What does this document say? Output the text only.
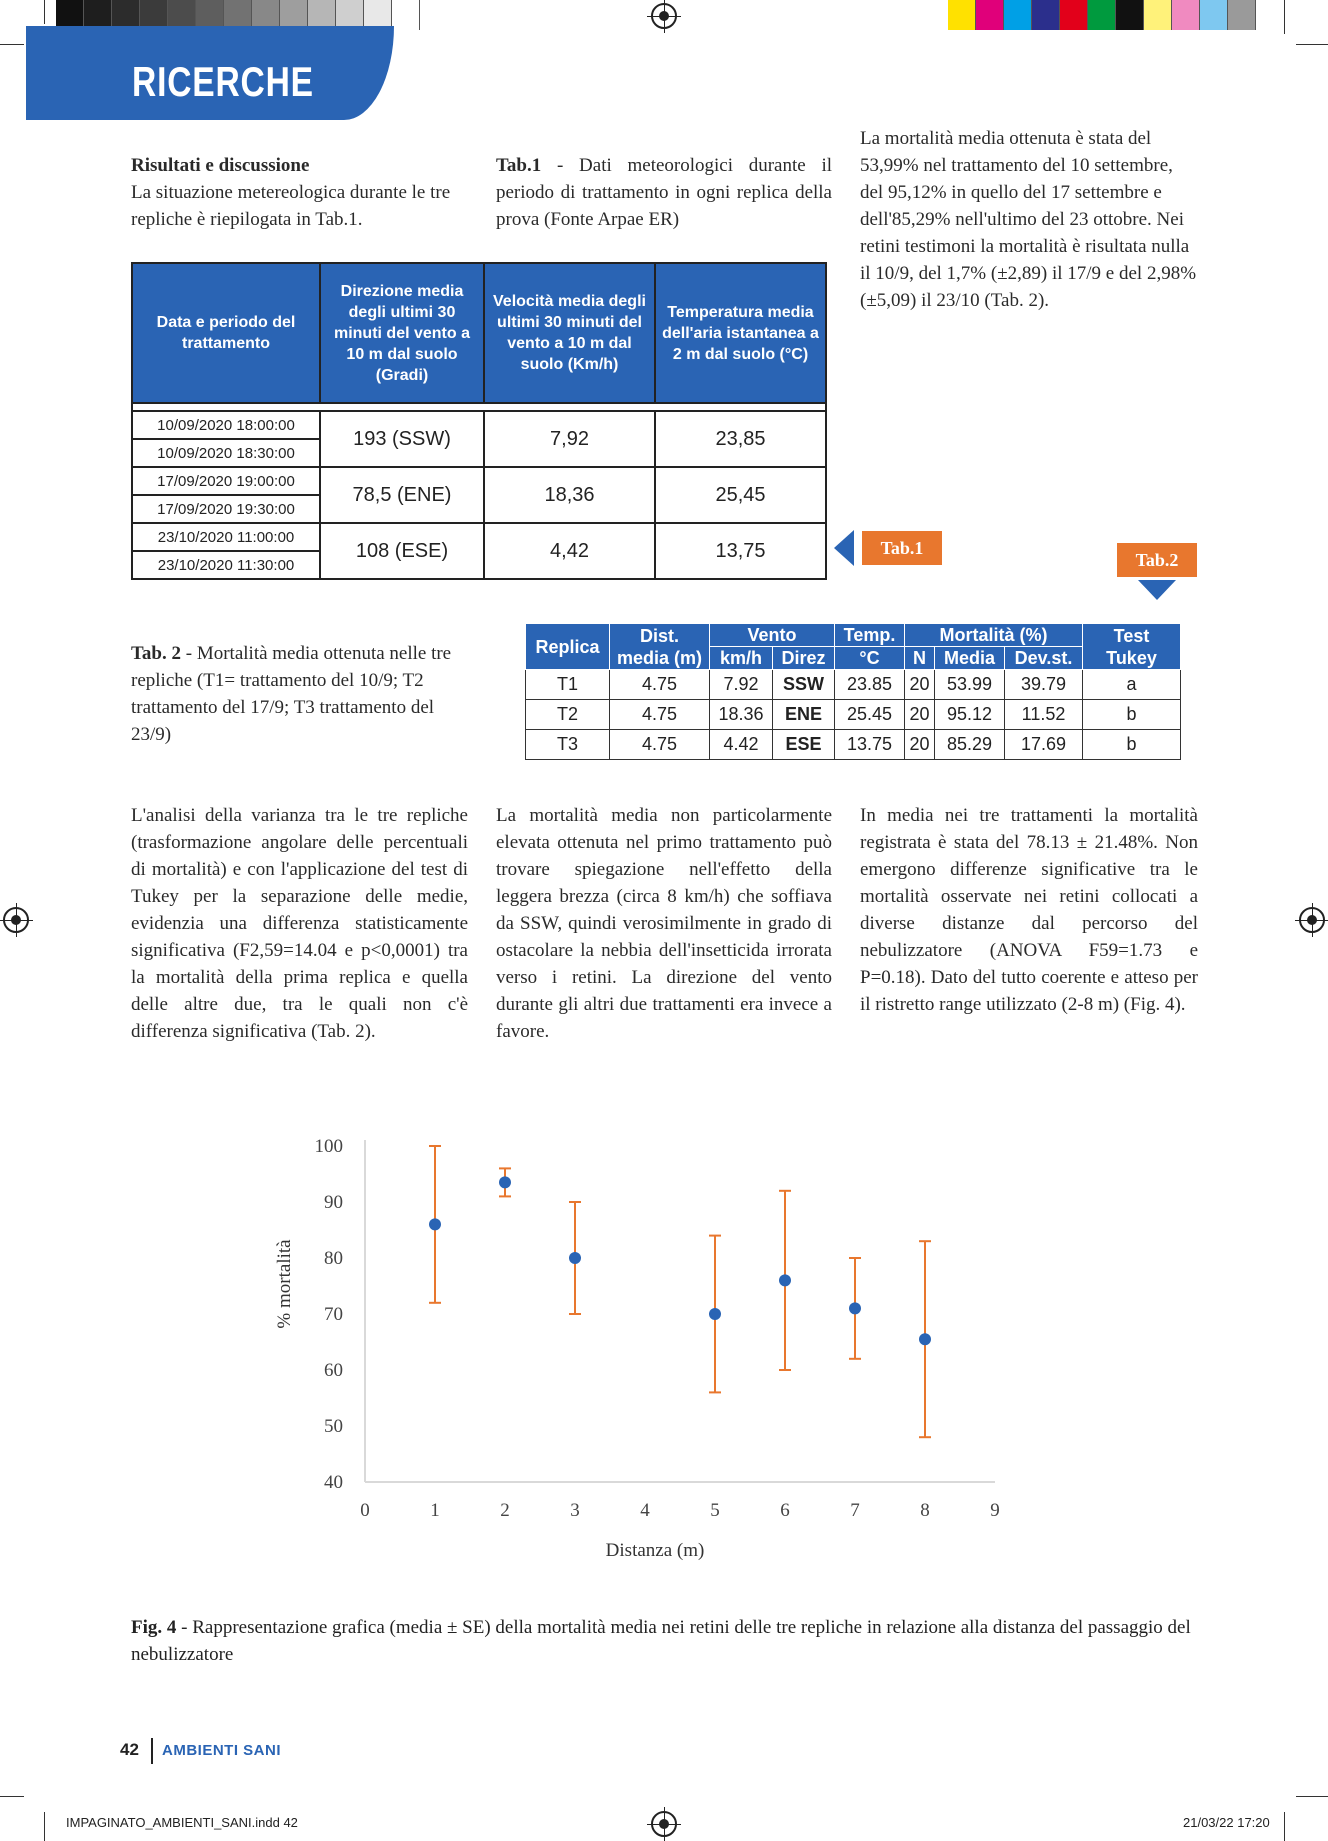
RICERCHE
Risultati e discussione
La situazione metereologica durante le tre repliche è riepilogata in Tab.1.
Tab.1 - Dati meteorologici durante il periodo di trattamento in ogni replica della prova (Fonte Arpae ER)
La mortalità media ottenuta è stata del 53,99% nel trattamento del 10 settembre, del 95,12% in quello del 17 settembre e dell'85,29% nell'ultimo del 23 ottobre. Nei retini testimoni la mortalità è risultata nulla il 10/9, del 1,7% (±2,89) il 17/9 e del 2,98% (±5,09) il 23/10 (Tab. 2).
Data e periodo del trattamento	Direzione media degli ultimi 30 minuti del vento a 10 m dal suolo (Gradi)	Velocità media degli ultimi 30 minuti del vento a 10 m dal suolo (Km/h)	Temperatura media dell'aria istantanea a 2 m dal suolo (°C)

10/09/2020 18:00:00	193 (SSW)	7,92	23,85
10/09/2020 18:30:00			
17/09/2020 19:00:00	78,5 (ENE)	18,36	25,45
17/09/2020 19:30:00			
23/10/2020 11:00:00	108 (ESE)	4,42	13,75
23/10/2020 11:30:00			
Tab.1
Tab.2
Tab. 2 - Mortalità media ottenuta nelle tre repliche (T1= trattamento del 10/9; T2 trattamento del 17/9; T3 trattamento del 23/9)
Replica	Dist. media (m)	Vento		Temp.	Mortalità (%)			Test Tukey
		km/h	Direz	°C	N	Media	Dev.st.	
T1	4.75	7.92	SSW	23.85	20	53.99	39.79	a
T2	4.75	18.36	ENE	25.45	20	95.12	11.52	b
T3	4.75	4.42	ESE	13.75	20	85.29	17.69	b
L'analisi della varianza tra le tre repliche (trasformazione angolare delle percentuali di mortalità) e con l'applicazione del test di Tukey per la separazione delle medie, evidenzia una differenza statisticamente significativa (F2,59=14.04 e p<0,0001) tra la mortalità della prima replica e quella delle altre due, tra le quali non c'è differenza significativa (Tab. 2).
La mortalità media non particolarmente elevata ottenuta nel primo trattamento può trovare spiegazione nell'effetto della leggera brezza (circa 8 km/h) che soffiava da SSW, quindi verosimilmente in grado di ostacolare la nebbia dell'insetticida irrorata verso i retini. La direzione del vento durante gli altri due trattamenti era invece a favore.
In media nei tre trattamenti la mortalità registrata è stata del 78.13 ± 21.48%. Non emergono differenze significative tra le mortalità osservate nei retini collocati a diverse distanze dal percorso del nebulizzatore (ANOVA F59=1.73 e P=0.18). Dato del tutto coerente e atteso per il ristretto range utilizzato (2-8 m) (Fig. 4).
40
50
60
70
80
90
100
0	1	2	3	4	5	6	7	8	9
Distanza (m)
% mortalità
Fig. 4 - Rappresentazione grafica (media ± SE) della mortalità media nei retini delle tre repliche in relazione alla distanza del passaggio del nebulizzatore
42 AMBIENTI SANI
IMPAGINATO_AMBIENTI_SANI.indd 42	21/03/22 17:20
